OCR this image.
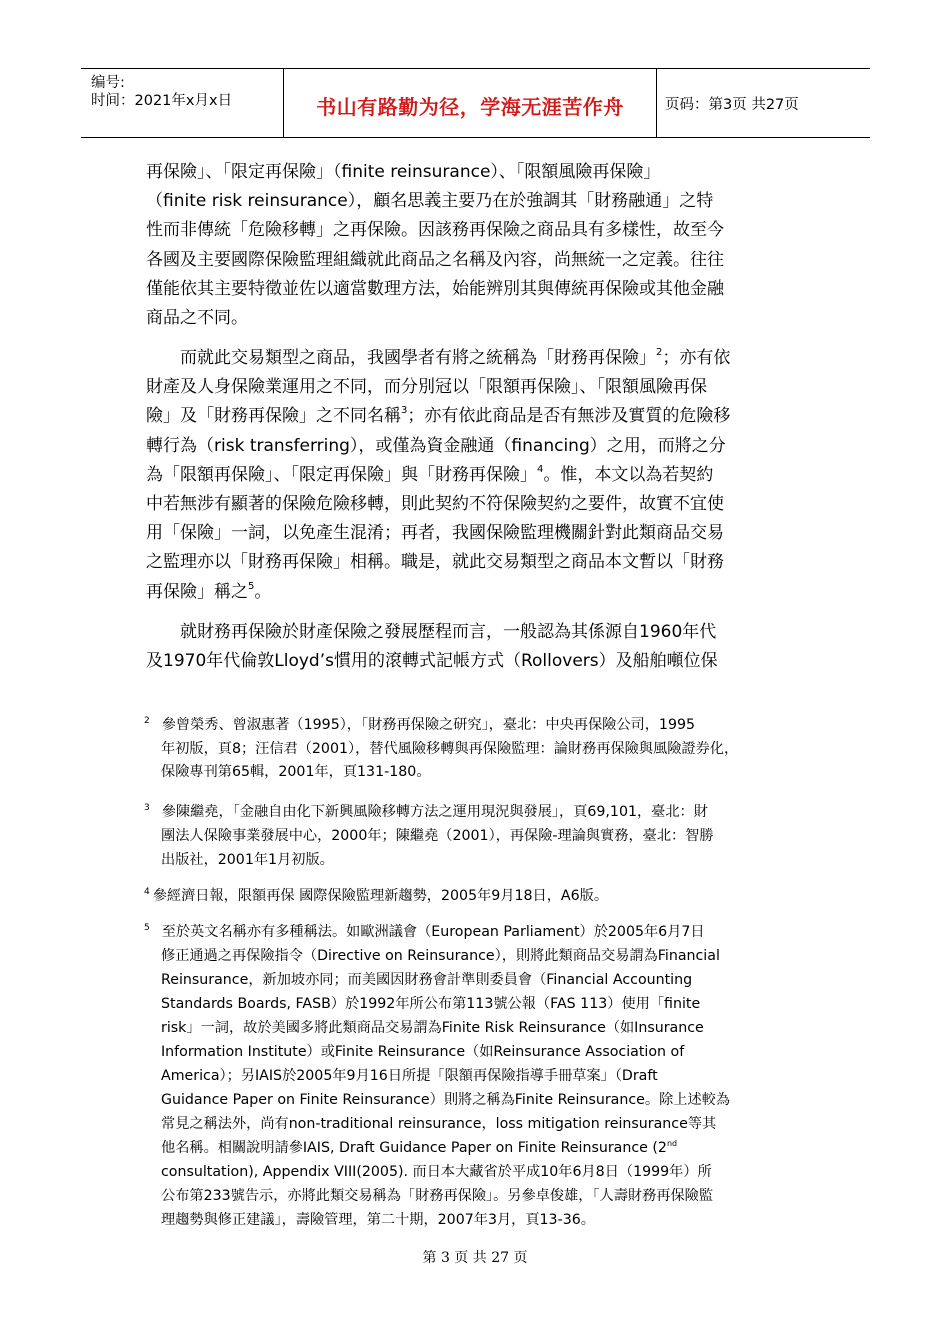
编号:
时间：2021年x月x日	书山有路勤为径，学海无涯苦作舟	页码：第3页 共27页
再保險」、「限定再保險」（finite reinsurance）、「限額風險再保險」
（finite risk reinsurance），顧名思義主要乃在於強調其「財務融通」之特
性而非傳統「危險移轉」之再保險。因該務再保險之商品具有多樣性，故至今
各國及主要國際保險監理組織就此商品之名稱及內容，尚無統一之定義。往往
僅能依其主要特徵並佐以適當數理方法，始能辨別其與傳統再保險或其他金融
商品之不同。
而就此交易類型之商品，我國學者有將之統稱為「財務再保險」$^2$；亦有依
財產及人身保險業運用之不同，而分別冠以「限額再保險」、「限額風險再保
險」及「財務再保險」之不同名稱$^3$；亦有依此商品是否有無涉及實質的危險移
轉行為（risk transferring），或僅為資金融通（financing）之用，而將之分
為「限額再保險」、「限定再保險」與「財務再保險」$^4$。惟，本文以為若契約
中若無涉有顯著的保險危險移轉，則此契約不符保險契約之要件，故實不宜使
用「保險」一詞，以免產生混淆；再者，我國保險監理機關針對此類商品交易
之監理亦以「財務再保險」相稱。職是，就此交易類型之商品本文暫以「財務
再保險」稱之$^5$。
就財務再保險於財產保險之發展歷程而言，一般認為其係源自1960年代
及1970年代倫敦Lloyd’s慣用的滾轉式記帳方式（Rollovers）及船舶噸位保
$^2$ 參曾榮秀、曾淑惠著（1995），「財務再保險之研究」，臺北：中央再保險公司，1995
年初版，頁8；汪信君（2001），替代風險移轉與再保險監理：論財務再保險與風險證券化，
保險專刊第65輯，2001年，頁131-180。
$^3$ 參陳繼堯，「金融自由化下新興風險移轉方法之運用現況與發展」，頁69,101，臺北：財
團法人保險事業發展中心，2000年；陳繼堯（2001），再保險-理論與實務，臺北：智勝
出版社，2001年1月初版。
$^4$ 參經濟日報，限額再保 國際保險監理新趨勢，2005年9月18日，A6版。
$^5$ 至於英文名稱亦有多種稱法。如歐洲議會（European Parliament）於2005年6月7日
修正通過之再保險指令（Directive on Reinsurance），則將此類商品交易謂為Financial
Reinsurance，新加坡亦同；而美國因財務會計準則委員會（Financial Accounting
Standards Boards, FASB）於1992年所公布第113號公報（FAS 113）使用「finite
risk」一詞，故於美國多將此類商品交易謂為Finite Risk Reinsurance（如Insurance
Information Institute）或Finite Reinsurance（如Reinsurance Association of
America）；另IAIS於2005年9月16日所提「限額再保險指導手冊草案」（Draft
Guidance Paper on Finite Reinsurance）則將之稱為Finite Reinsurance。除上述較為
常見之稱法外，尚有non-traditional reinsurance，loss mitigation reinsurance等其
他名稱。相關說明請參IAIS, Draft Guidance Paper on Finite Reinsurance (2nd
consultation), Appendix VIII(2005). 而日本大藏省於平成10年6月8日（1999年）所
公布第233號告示，亦將此類交易稱為「財務再保險」。另參卓俊雄，「人壽財務再保險監
理趨勢與修正建議」，壽險管理，第二十期，2007年3月，頁13-36。
第 3 页 共 27 页
